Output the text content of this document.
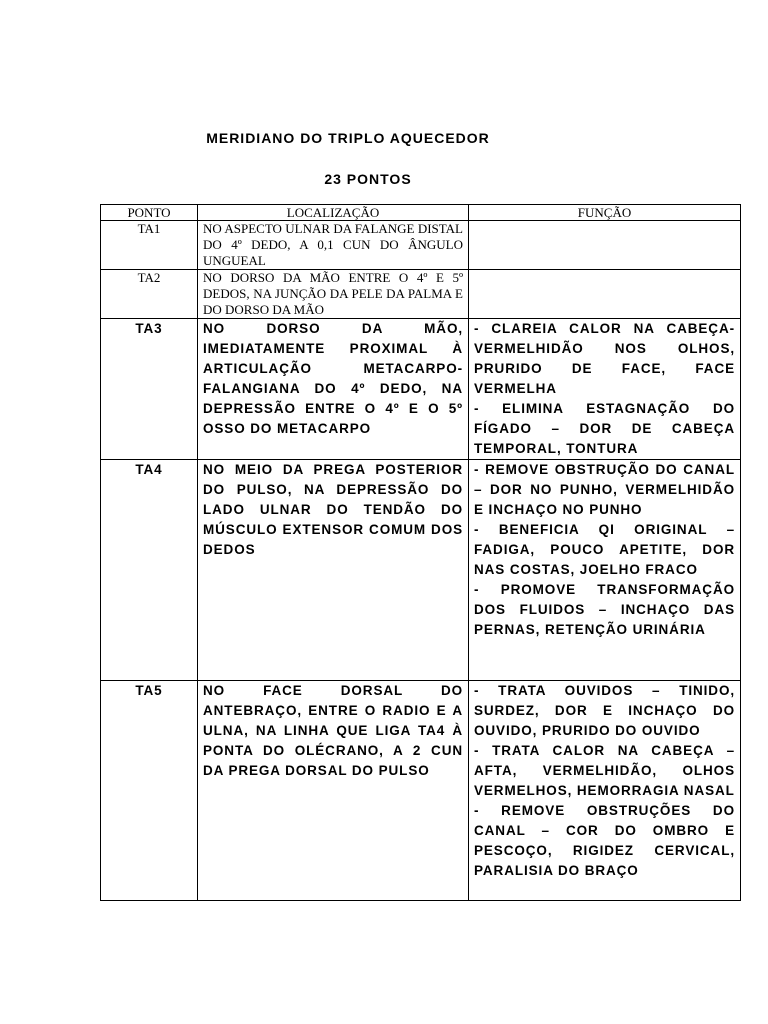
MERIDIANO DO TRIPLO AQUECEDOR
23 PONTOS
PONTO	LOCALIZAÇÃO	FUNÇÃO
TA1	NO ASPECTO ULNAR DA FALANGE DISTAL DO 4º DEDO, A 0,1 CUN DO ÂNGULO UNGUEAL	
TA2	NO DORSO DA MÃO ENTRE O 4º E 5º DEDOS, NA JUNÇÃO DA PELE DA PALMA E DO DORSO DA MÃO	
TA3	NO DORSO DA MÃO, IMEDIATAMENTE PROXIMAL À ARTICULAÇÃO METACARPO-FALANGIANA DO 4º DEDO, NA DEPRESSÃO ENTRE O 4º E O 5º OSSO DO METACARPO	- CLAREIA CALOR NA CABEÇA- VERMELHIDÃO NOS OLHOS, PRURIDO DE FACE, FACE VERMELHA
- ELIMINA ESTAGNAÇÃO DO FÍGADO – DOR DE CABEÇA TEMPORAL, TONTURA

TA4	NO MEIO DA PREGA POSTERIOR DO PULSO, NA DEPRESSÃO DO LADO ULNAR DO TENDÃO DO MÚSCULO EXTENSOR COMUM DOS DEDOS	- REMOVE OBSTRUÇÃO DO CANAL – DOR NO PUNHO, VERMELHIDÃO E INCHAÇO NO PUNHO
- BENEFICIA QI ORIGINAL – FADIGA, POUCO APETITE, DOR NAS COSTAS, JOELHO FRACO
- PROMOVE TRANSFORMAÇÃO DOS FLUIDOS – INCHAÇO DAS PERNAS, RETENÇÃO URINÁRIA

TA5	NO FACE DORSAL DO ANTEBRAÇO, ENTRE O RADIO E A ULNA, NA LINHA QUE LIGA TA4 À PONTA DO OLÉCRANO, A 2 CUN DA PREGA DORSAL DO PULSO	- TRATA OUVIDOS – TINIDO, SURDEZ, DOR E INCHAÇO DO OUVIDO, PRURIDO DO OUVIDO
- TRATA CALOR NA CABEÇA – AFTA, VERMELHIDÃO, OLHOS VERMELHOS, HEMORRAGIA NASAL
- REMOVE OBSTRUÇÕES DO CANAL – COR DO OMBRO E PESCOÇO, RIGIDEZ CERVICAL, PARALISIA DO BRAÇO
